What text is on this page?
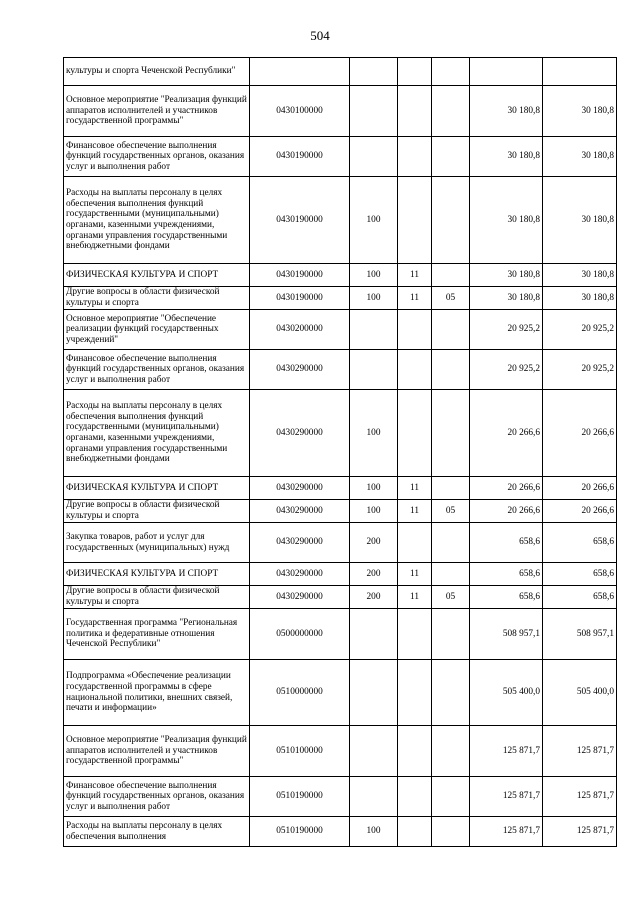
504
культуры и спорта Чеченской Республики"						
Основное мероприятие "Реализация функций аппаратов исполнителей и участников государственной программы"	0430100000				30 180,8	30 180,8
Финансовое обеспечение выполнения функций государственных органов, оказания услуг и выполнения работ	0430190000				30 180,8	30 180,8
Расходы на выплаты персоналу в целях обеспечения выполнения функций государственными (муниципальными) органами, казенными учреждениями, органами управления государственными внебюджетными фондами	0430190000	100			30 180,8	30 180,8
ФИЗИЧЕСКАЯ КУЛЬТУРА И СПОРТ	0430190000	100	11		30 180,8	30 180,8
Другие вопросы в области физической культуры и спорта	0430190000	100	11	05	30 180,8	30 180,8
Основное мероприятие "Обеспечение реализации функций государственных учреждений"	0430200000				20 925,2	20 925,2
Финансовое обеспечение выполнения функций государственных органов, оказания услуг и выполнения работ	0430290000				20 925,2	20 925,2
Расходы на выплаты персоналу в целях обеспечения выполнения функций государственными (муниципальными) органами, казенными учреждениями, органами управления государственными внебюджетными фондами	0430290000	100			20 266,6	20 266,6
ФИЗИЧЕСКАЯ КУЛЬТУРА И СПОРТ	0430290000	100	11		20 266,6	20 266,6
Другие вопросы в области физической культуры и спорта	0430290000	100	11	05	20 266,6	20 266,6
Закупка товаров, работ и услуг для государственных (муниципальных) нужд	0430290000	200			658,6	658,6
ФИЗИЧЕСКАЯ КУЛЬТУРА И СПОРТ	0430290000	200	11		658,6	658,6
Другие вопросы в области физической культуры и спорта	0430290000	200	11	05	658,6	658,6
Государственная программа "Региональная политика и федеративные отношения Чеченской Республики"	0500000000				508 957,1	508 957,1
Подпрограмма «Обеспечение реализации государственной программы в сфере национальной политики, внешних связей, печати и информации»	0510000000				505 400,0	505 400,0
Основное мероприятие "Реализация функций аппаратов исполнителей и участников государственной программы"	0510100000				125 871,7	125 871,7
Финансовое обеспечение выполнения функций государственных органов, оказания услуг и выполнения работ	0510190000				125 871,7	125 871,7
Расходы на выплаты персоналу в целях обеспечения выполнения	0510190000	100			125 871,7	125 871,7
